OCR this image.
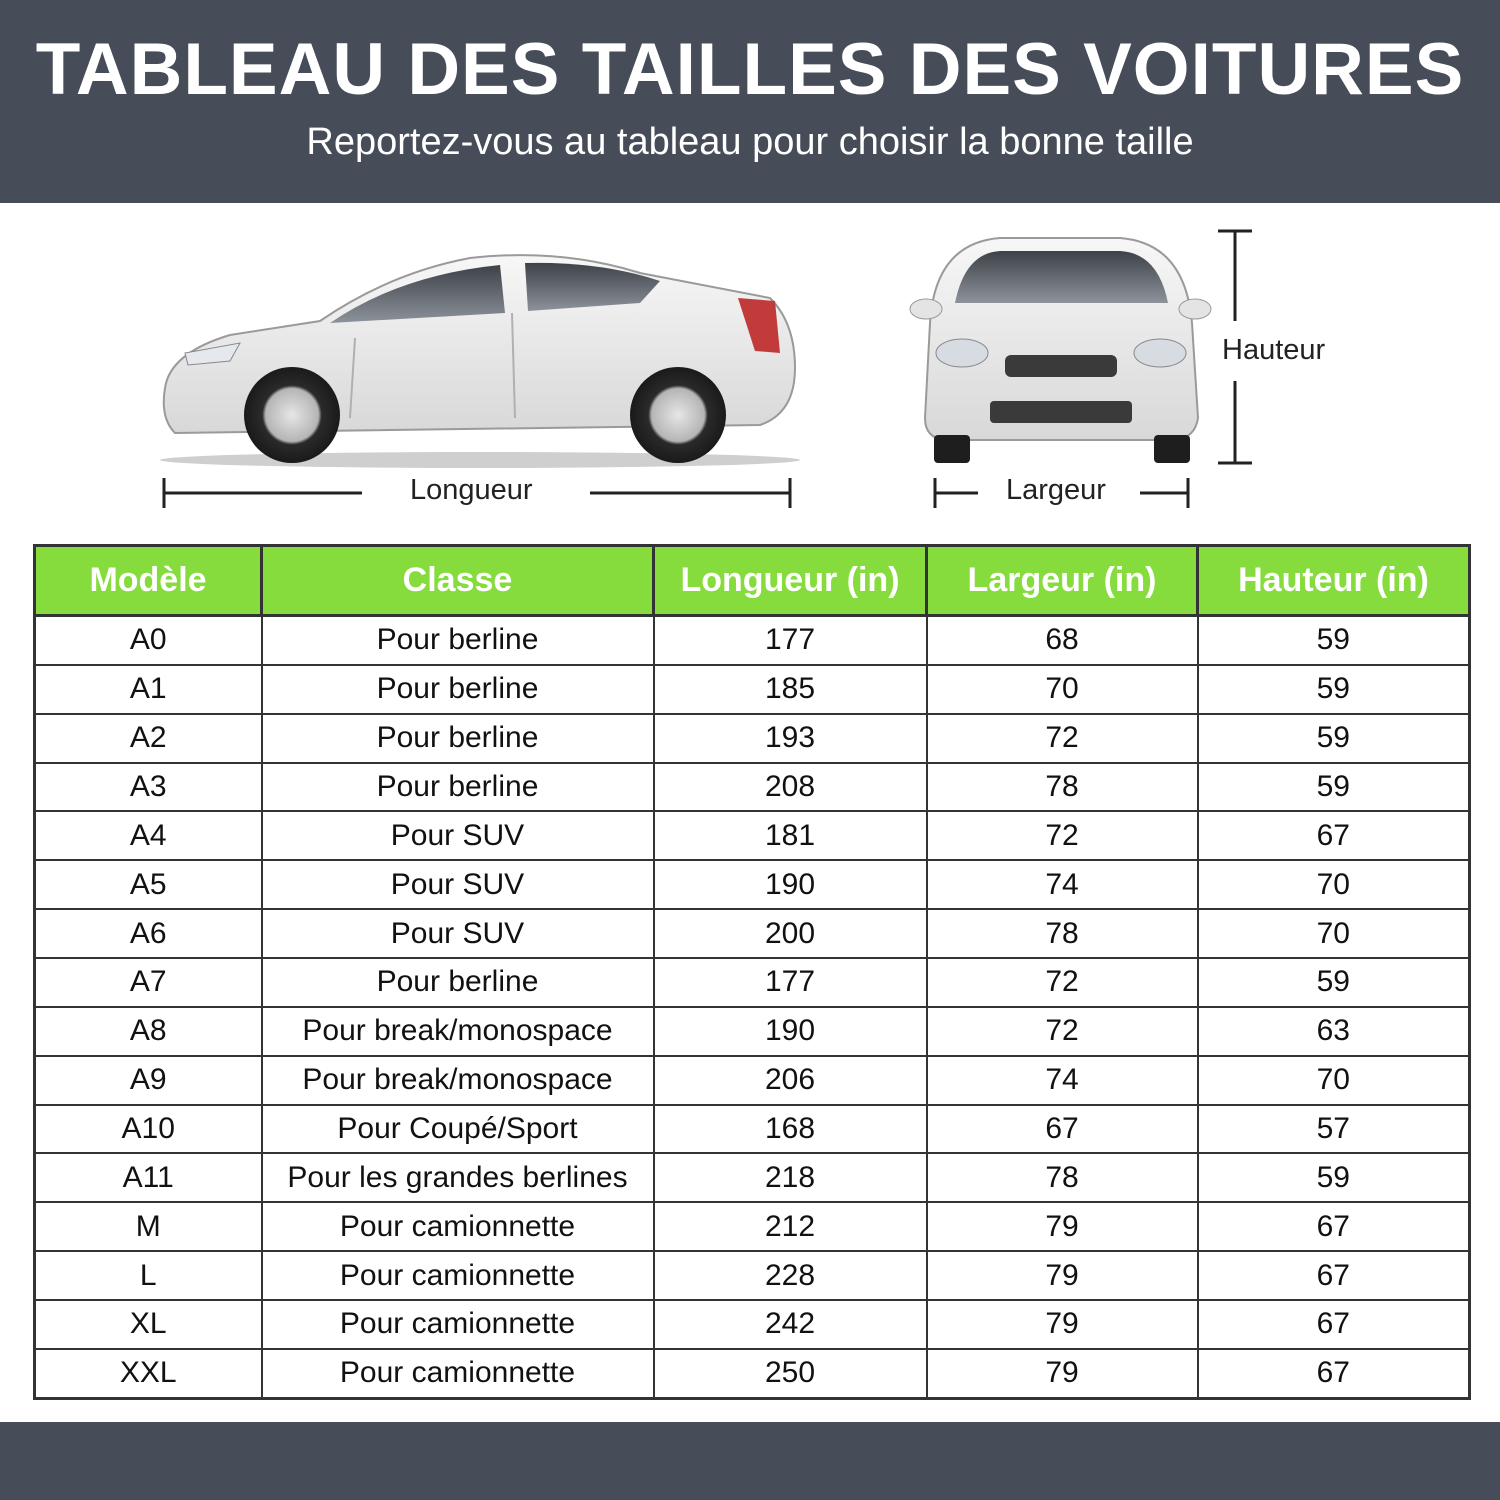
TABLEAU DES TAILLES DES VOITURES
Reportez-vous au tableau pour choisir la bonne taille
Longueur	Largeur
Hauteur
Modèle	Classe	Longueur (in)	Largeur (in)	Hauteur (in)
A0	Pour berline	177	68	59
A1	Pour berline	185	70	59
A2	Pour berline	193	72	59
A3	Pour berline	208	78	59
A4	Pour SUV	181	72	67
A5	Pour SUV	190	74	70
A6	Pour SUV	200	78	70
A7	Pour berline	177	72	59
A8	Pour break/monospace	190	72	63
A9	Pour break/monospace	206	74	70
A10	Pour Coupé/Sport	168	67	57
A11	Pour les grandes berlines	218	78	59
M	Pour camionnette	212	79	67
L	Pour camionnette	228	79	67
XL	Pour camionnette	242	79	67
XXL	Pour camionnette	250	79	67
